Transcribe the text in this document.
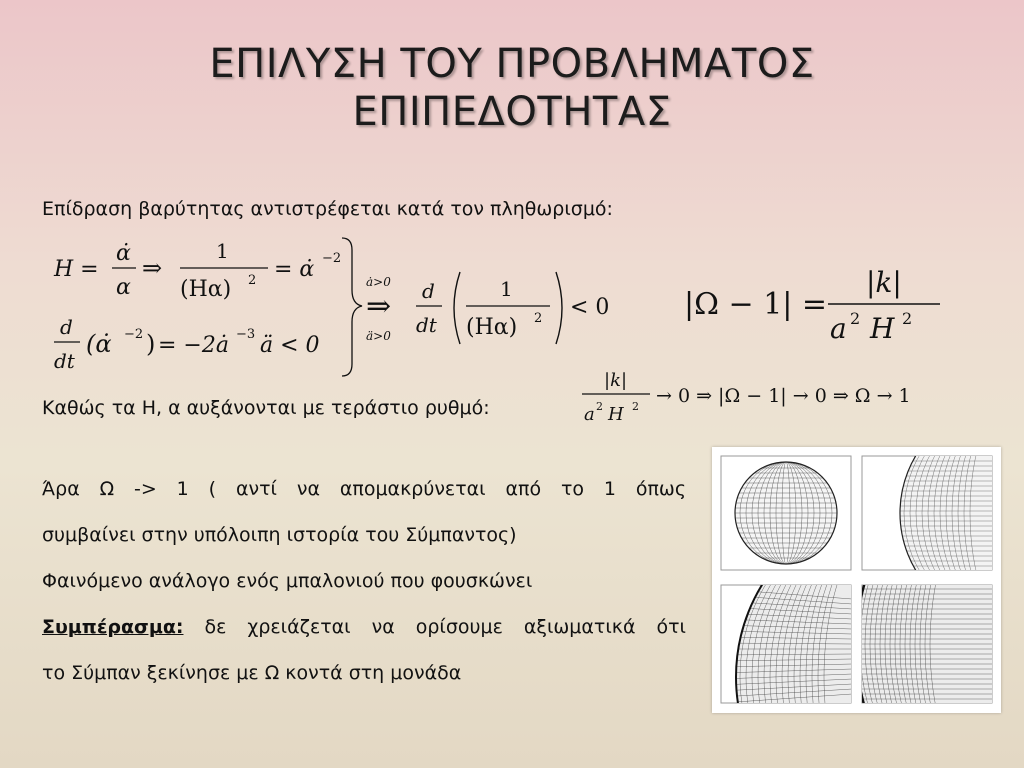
ΕΠΙΛΥΣΗ ΤΟΥ ΠΡΟΒΛΗΜΑΤΟΣ
ΕΠΙΠΕΔΟΤΗΤΑΣ
Επίδραση βαρύτητας αντιστρέφεται κατά τον πληθωρισμό:
H =
α̇
α
⇒
1
(Hα) 2 = α̇ −2
d
dt
(α̇ −2 ) = −2ȧ −3 ä < 0
ȧ>0
⇒
ä>0
d
dt
1
(Hα) 2 < 0 |Ω − 1| =
|k|
a 2 H 2
Καθώς τα H, α αυξάνονται με τεράστιο ρυθμό:
|k|
a 2 H 2 → 0 ⇒ |Ω − 1| → 0 ⇒ Ω → 1
Άρα Ω -> 1 ( αντί να απομακρύνεται από το 1 όπως
συμβαίνει στην υπόλοιπη ιστορία του Σύμπαντος)
Φαινόμενο ανάλογο ενός μπαλονιού που φουσκώνει
Συμπέρασμα: δε χρειάζεται να ορίσουμε αξιωματικά ότι
το Σύμπαν ξεκίνησε με Ω κοντά στη μονάδα
